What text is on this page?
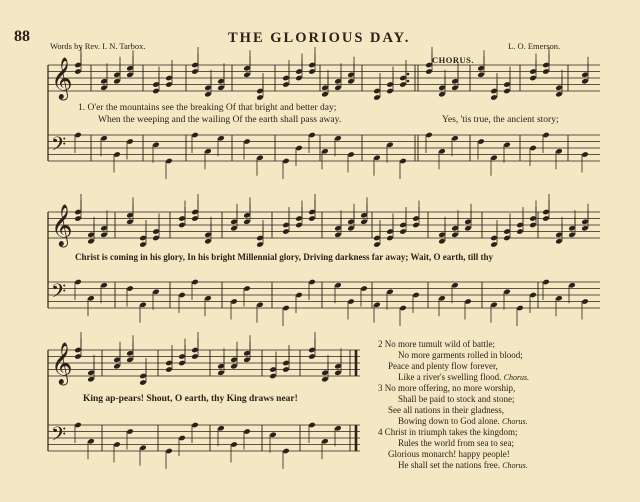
88	THE GLORIOUS DAY.
Words by Rev. I. N. Tarbox.	L. O. Emerson.
CHORUS.
𝄞
𝄢
𝄞
𝄢
𝄞
𝄢
1. O'er the mountains see the breaking Of that bright and better day;
When the weeping and the wailing Of the earth shall pass away.	Yes, 'tis true, the ancient story;
Christ is coming in his glory, In his bright Millennial glory, Driving darkness far away; Wait, O earth, till thy
King ap-pears! Shout, O earth, thy King draws near!
2 No more tumult wild of battle;
No more garments rolled in blood;
Peace and plenty flow forever,
Like a river's swelling flood. Chorus.
3 No more offering, no more worship,
Shall be paid to stock and stone;
See all nations in their gladness,
Bowing down to God alone. Chorus.
4 Christ in triumph takes the kingdom;
Rules the world from sea to sea;
Glorious monarch! happy people!
He shall set the nations free. Chorus.
